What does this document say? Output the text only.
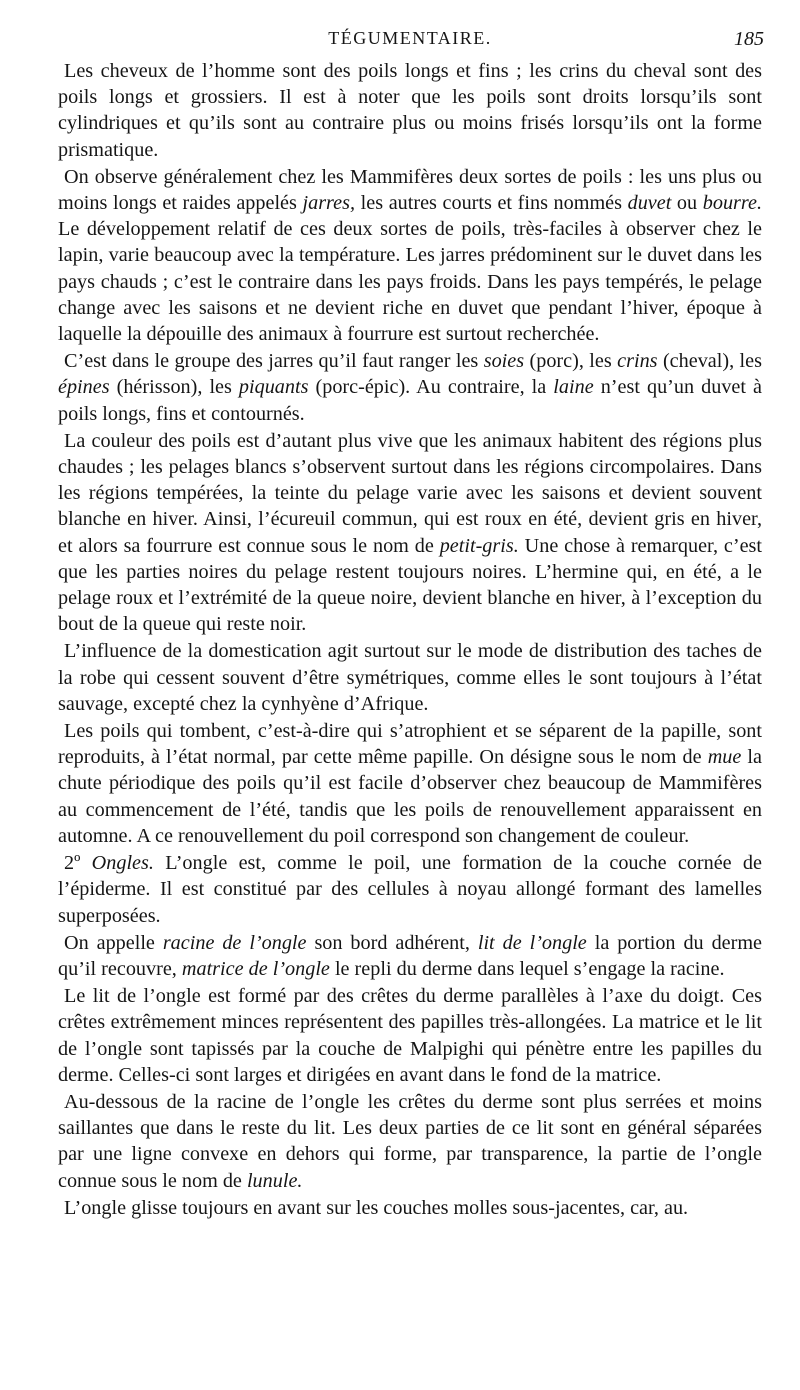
TÉGUMENTAIRE.	185

Les cheveux de l’homme sont des poils longs et fins ; les crins du cheval sont des poils longs et grossiers. Il est à noter que les poils sont droits lorsqu’ils sont cylindriques et qu’ils sont au contraire plus ou moins frisés lorsqu’ils ont la forme prismatique.

On observe généralement chez les Mammifères deux sortes de poils : les uns plus ou moins longs et raides appelés jarres, les autres courts et fins nommés duvet ou bourre. Le développement relatif de ces deux sortes de poils, très-faciles à observer chez le lapin, varie beaucoup avec la température. Les jarres prédominent sur le duvet dans les pays chauds ; c’est le contraire dans les pays froids. Dans les pays tempérés, le pelage change avec les saisons et ne devient riche en duvet que pendant l’hiver, époque à laquelle la dépouille des animaux à fourrure est surtout recherchée.

C’est dans le groupe des jarres qu’il faut ranger les soies (porc), les crins (cheval), les épines (hérisson), les piquants (porc-épic). Au contraire, la laine n’est qu’un duvet à poils longs, fins et contournés.

La couleur des poils est d’autant plus vive que les animaux habitent des régions plus chaudes ; les pelages blancs s’observent surtout dans les régions circompolaires. Dans les régions tempérées, la teinte du pelage varie avec les saisons et devient souvent blanche en hiver. Ainsi, l’écureuil commun, qui est roux en été, devient gris en hiver, et alors sa fourrure est connue sous le nom de petit-gris. Une chose à remarquer, c’est que les parties noires du pelage restent toujours noires. L’hermine qui, en été, a le pelage roux et l’extrémité de la queue noire, devient blanche en hiver, à l’exception du bout de la queue qui reste noir.

L’influence de la domestication agit surtout sur le mode de distribution des taches de la robe qui cessent souvent d’être symétriques, comme elles le sont toujours à l’état sauvage, excepté chez la cynhyène d’Afrique.

Les poils qui tombent, c’est-à-dire qui s’atrophient et se séparent de la papille, sont reproduits, à l’état normal, par cette même papille. On désigne sous le nom de mue la chute périodique des poils qu’il est facile d’observer chez beaucoup de Mammifères au commencement de l’été, tandis que les poils de renouvellement apparaissent en automne. A ce renouvellement du poil correspond son changement de couleur.

2º Ongles. L’ongle est, comme le poil, une formation de la couche cornée de l’épiderme. Il est constitué par des cellules à noyau allongé formant des lamelles superposées.

On appelle racine de l’ongle son bord adhérent, lit de l’ongle la portion du derme qu’il recouvre, matrice de l’ongle le repli du derme dans lequel s’engage la racine.

Le lit de l’ongle est formé par des crêtes du derme parallèles à l’axe du doigt. Ces crêtes extrêmement minces représentent des papilles très-allongées. La matrice et le lit de l’ongle sont tapissés par la couche de Malpighi qui pénètre entre les papilles du derme. Celles-ci sont larges et dirigées en avant dans le fond de la matrice.

Au-dessous de la racine de l’ongle les crêtes du derme sont plus serrées et moins saillantes que dans le reste du lit. Les deux parties de ce lit sont en général séparées par une ligne convexe en dehors qui forme, par transparence, la partie de l’ongle connue sous le nom de lunule.

L’ongle glisse toujours en avant sur les couches molles sous-jacentes, car, au.
